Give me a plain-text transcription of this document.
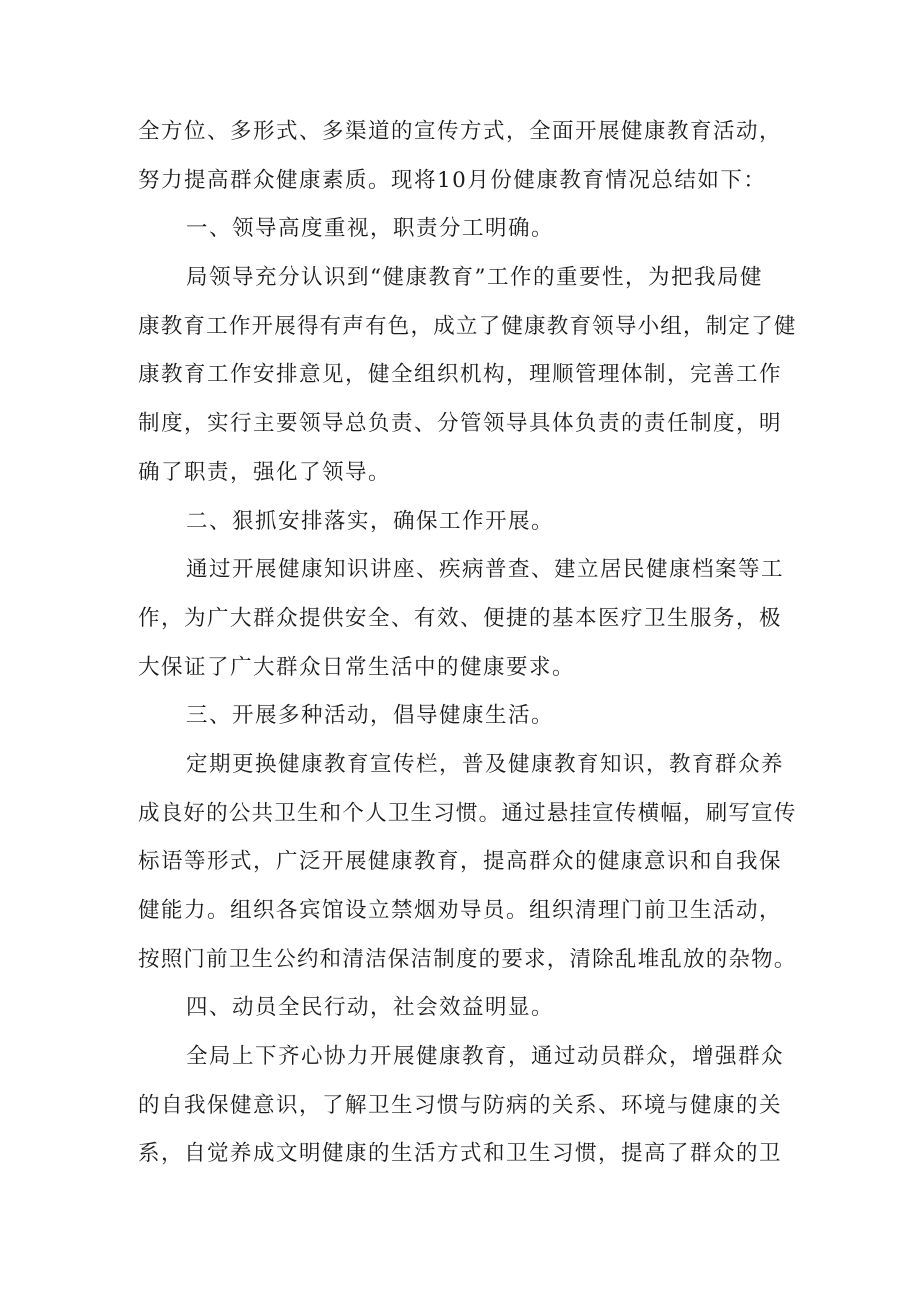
全方位、多形式、多渠道的宣传方式，全面开展健康教育活动，
努力提高群众健康素质。现将10月份健康教育情况总结如下：
一、领导高度重视，职责分工明确。
局领导充分认识到“健康教育”工作的重要性，为把我局健
康教育工作开展得有声有色，成立了健康教育领导小组，制定了健
康教育工作安排意见，健全组织机构，理顺管理体制，完善工作
制度，实行主要领导总负责、分管领导具体负责的责任制度，明
确了职责，强化了领导。
二、狠抓安排落实，确保工作开展。
通过开展健康知识讲座、疾病普查、建立居民健康档案等工
作，为广大群众提供安全、有效、便捷的基本医疗卫生服务，极
大保证了广大群众日常生活中的健康要求。
三、开展多种活动，倡导健康生活。
定期更换健康教育宣传栏，普及健康教育知识，教育群众养
成良好的公共卫生和个人卫生习惯。通过悬挂宣传横幅，刷写宣传
标语等形式，广泛开展健康教育，提高群众的健康意识和自我保
健能力。组织各宾馆设立禁烟劝导员。组织清理门前卫生活动，
按照门前卫生公约和清洁保洁制度的要求，清除乱堆乱放的杂物。
四、动员全民行动，社会效益明显。
全局上下齐心协力开展健康教育，通过动员群众，增强群众
的自我保健意识，了解卫生习惯与防病的关系、环境与健康的关
系，自觉养成文明健康的生活方式和卫生习惯，提高了群众的卫
